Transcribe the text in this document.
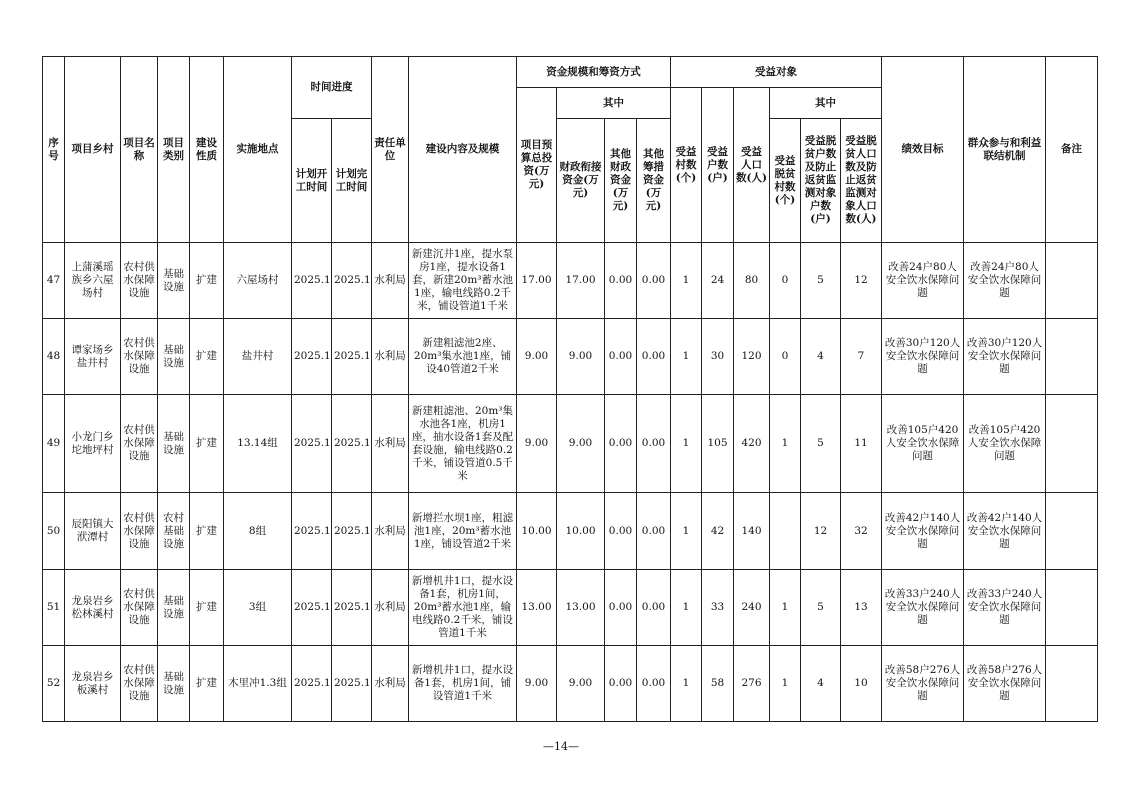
序号	项目乡村	项目名称	项目类别	建设性质	实施地点	时间进度		责任单位	建设内容及规模	资金规模和筹资方式				受益对象						绩效目标	群众参与和利益联结机制	备注
										项目预算总投资(万元)	其中			受益村数(个)	受益户数(户)	受益人口数(人)	其中					
						计划开工时间	计划完工时间				财政衔接资金(万元)	其他财政资金(万元)	其他筹措资金(万元)				受益脱贫村数(个)	受益脱贫户数及防止返贫监测对象户数(户)	受益脱贫人口数及防止返贫监测对象人口数(人)			
47	上蒲溪瑶族乡六屋场村	农村供水保障设施	基础设施	扩建	六屋场村	2025.1	2025.1	水利局	新建沉井1座，提水泵房1座，提水设备1套，新建20m³蓄水池1座，输电线路0.2千米，铺设管道1千米	17.00	17.00	0.00	0.00	1	24	80	0	5	12	改善24户80人安全饮水保障问题	改善24户80人安全饮水保障问题	
48	谭家场乡盐井村	农村供水保障设施	基础设施	扩建	盐井村	2025.1	2025.1	水利局	新建粗滤池2座、20m³集水池1座，铺设40管道2千米	9.00	9.00	0.00	0.00	1	30	120	0	4	7	改善30户120人安全饮水保障问题	改善30户120人安全饮水保障问题	
49	小龙门乡坨地坪村	农村供水保障设施	基础设施	扩建	13.14组	2025.1	2025.1	水利局	新建粗滤池、20m³集水池各1座，机房1座，抽水设备1套及配套设施，输电线路0.2千米，铺设管道0.5千米	9.00	9.00	0.00	0.00	1	105	420	1	5	11	改善105户420人安全饮水保障问题	改善105户420人安全饮水保障问题	
50	辰阳镇大洑潭村	农村供水保障设施	农村基础设施	扩建	8组	2025.1	2025.1	水利局	新增拦水坝1座，粗滤池1座，20m³蓄水池1座，铺设管道2千米	10.00	10.00	0.00	0.00	1	42	140		12	32	改善42户140人安全饮水保障问题	改善42户140人安全饮水保障问题	
51	龙泉岩乡松林溪村	农村供水保障设施	基础设施	扩建	3组	2025.1	2025.1	水利局	新增机井1口，提水设备1套，机房1间，20m³蓄水池1座，输电线路0.2千米，铺设管道1千米	13.00	13.00	0.00	0.00	1	33	240	1	5	13	改善33户240人安全饮水保障问题	改善33户240人安全饮水保障问题	
52	龙泉岩乡板溪村	农村供水保障设施	基础设施	扩建	木里冲1.3组	2025.1	2025.1	水利局	新增机井1口，提水设备1套，机房1间，铺设管道1千米	9.00	9.00	0.00	0.00	1	58	276	1	4	10	改善58户276人安全饮水保障问题	改善58户276人安全饮水保障问题	
—14—
